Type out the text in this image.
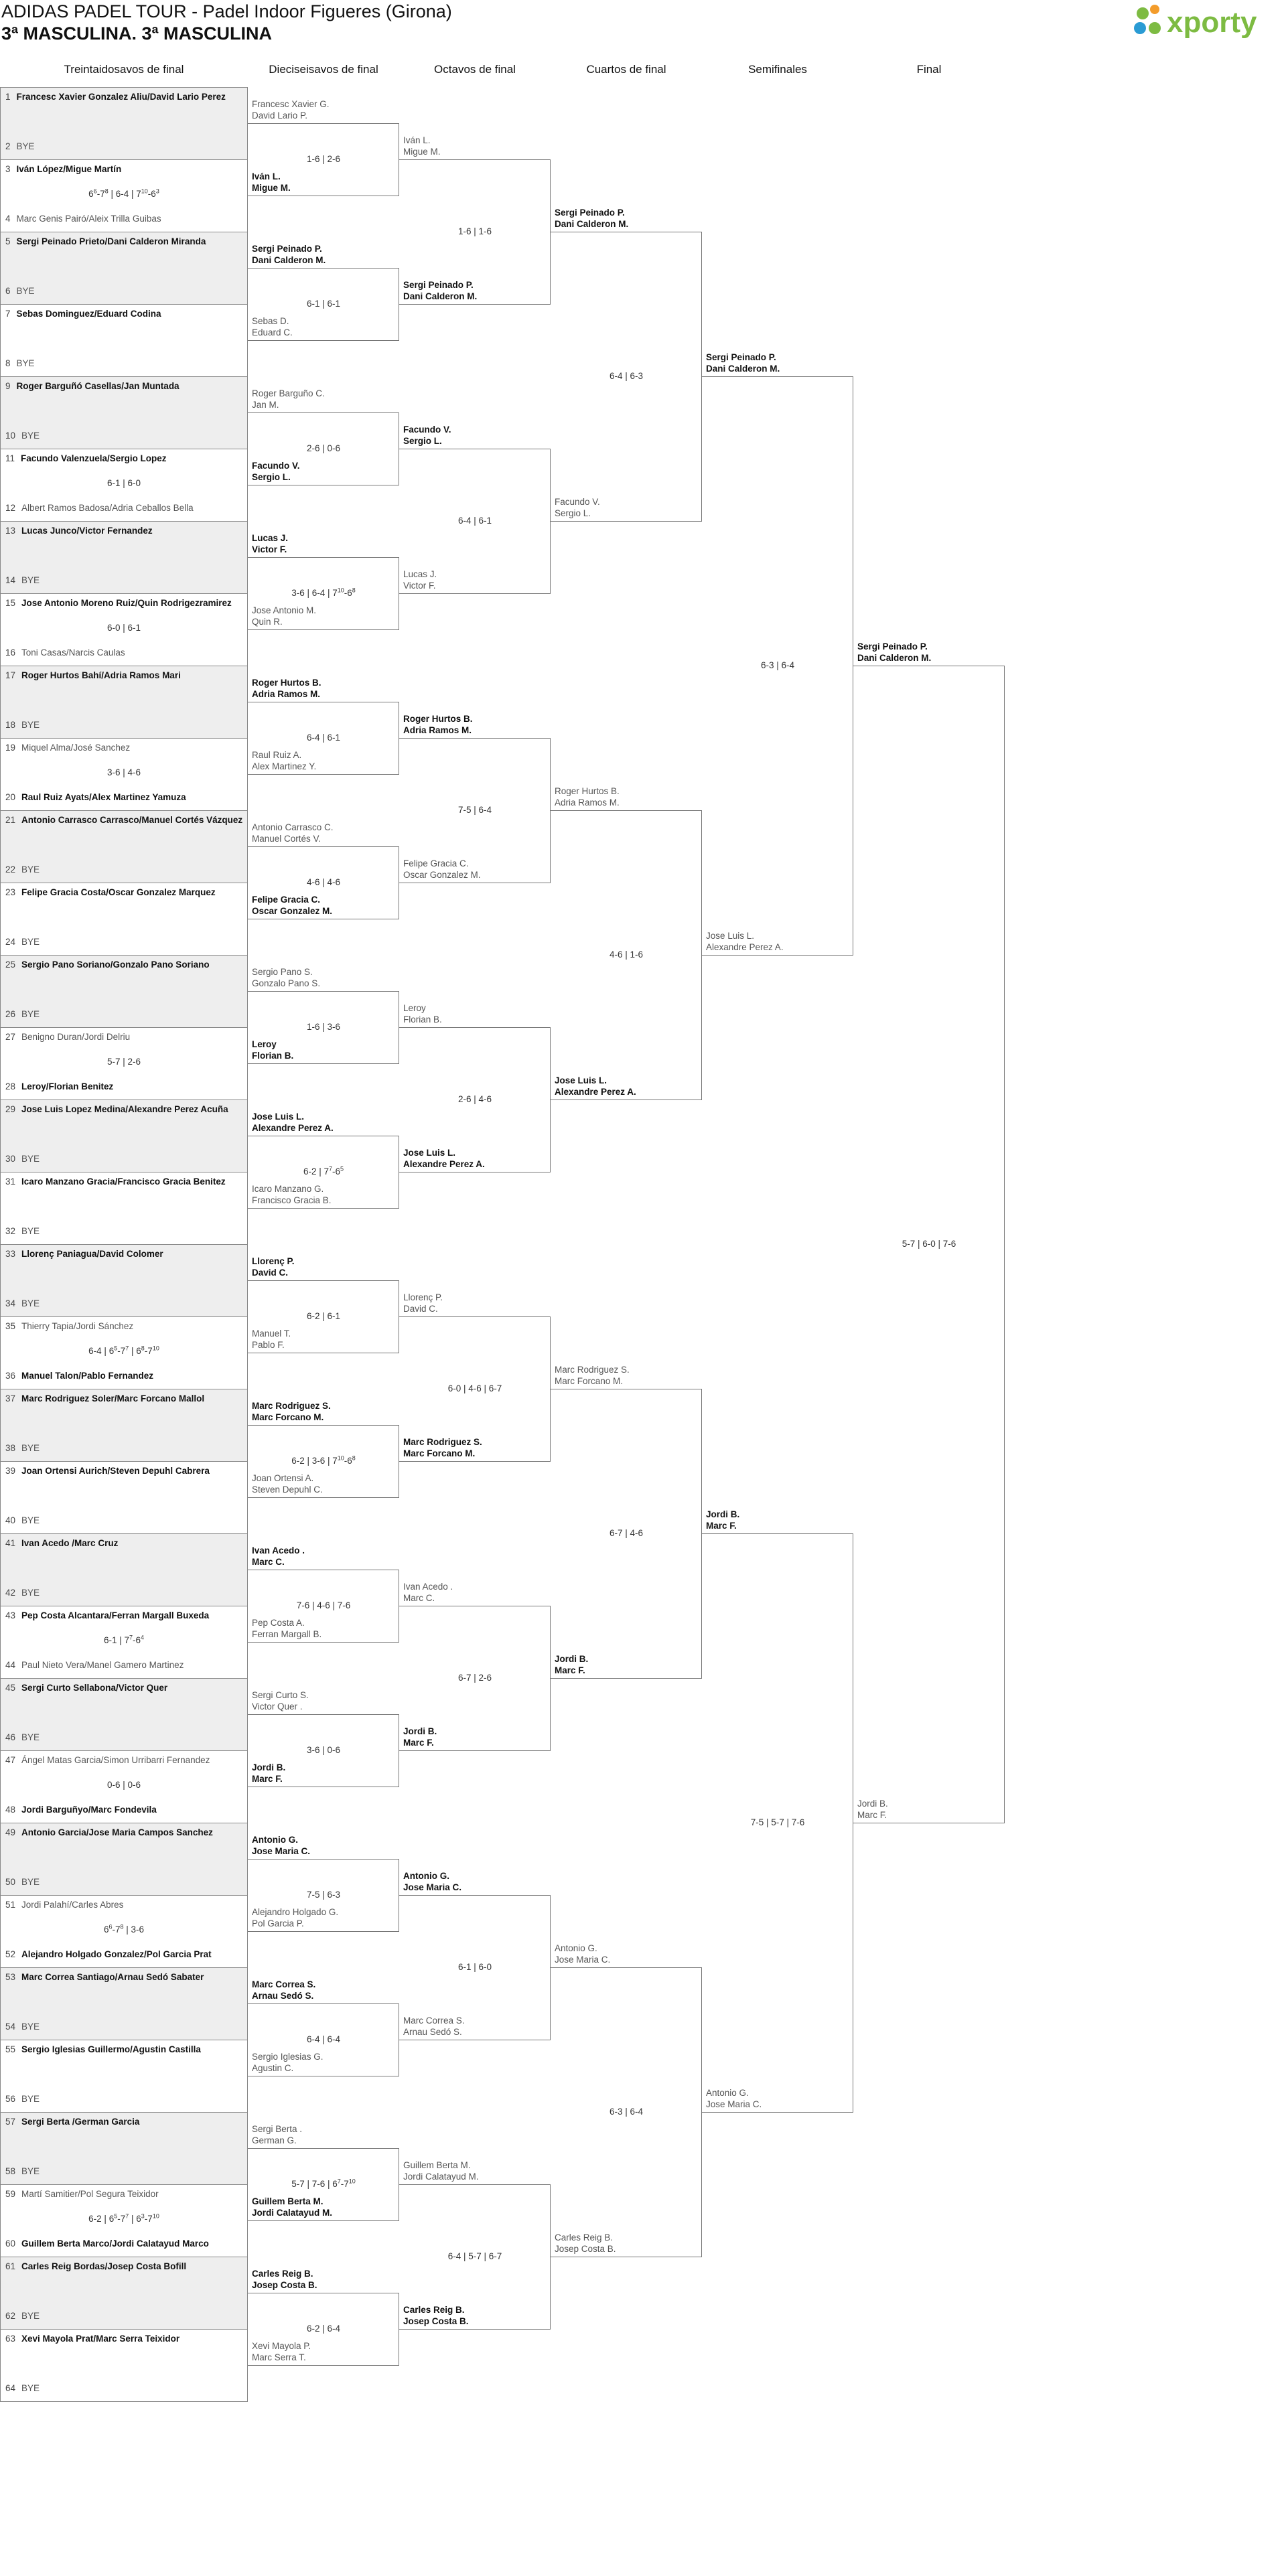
ADIDAS PADEL TOUR - Padel Indoor Figueres (Girona)
3ª MASCULINA. 3ª MASCULINA	xporty
Treintaidosavos de final	Dieciseisavos de final	Octavos de final	Cuartos de final	Semifinales	Final
1 Francesc Xavier Gonzalez Aliu/David Lario Perez
2 BYE
3 Iván López/Migue Martín
4 Marc Genis Pairó/Aleix Trilla Guibas
$6^6-7^8$ | 6-4 | $7^{10}-6^3$
5 Sergi Peinado Prieto/Dani Calderon Miranda
6 BYE
7 Sebas Dominguez/Eduard Codina
8 BYE
9 Roger Barguñó Casellas/Jan Muntada
10 BYE
11 Facundo Valenzuela/Sergio Lopez
12 Albert Ramos Badosa/Adria Ceballos Bella
6-1 | 6-0
13 Lucas Junco/Victor Fernandez
14 BYE
15 Jose Antonio Moreno Ruiz/Quin Rodrigezramirez
16 Toni Casas/Narcis Caulas
6-0 | 6-1
17 Roger Hurtos Bahí/Adria Ramos Mari
18 BYE
19 Miquel Alma/José Sanchez
20 Raul Ruiz Ayats/Alex Martinez Yamuza
3-6 | 4-6
21 Antonio Carrasco Carrasco/Manuel Cortés Vázquez
22 BYE
23 Felipe Gracia Costa/Oscar Gonzalez Marquez
24 BYE
25 Sergio Pano Soriano/Gonzalo Pano Soriano
26 BYE
27 Benigno Duran/Jordi Delriu
28 Leroy/Florian Benitez
5-7 | 2-6
29 Jose Luis Lopez Medina/Alexandre Perez Acuña
30 BYE
31 Icaro Manzano Gracia/Francisco Gracia Benitez
32 BYE
33 Llorenç Paniagua/David Colomer
34 BYE
35 Thierry Tapia/Jordi Sánchez
36 Manuel Talon/Pablo Fernandez
6-4 | $6^5-7^7$ | $6^8-7^{10}$
37 Marc Rodriguez Soler/Marc Forcano Mallol
38 BYE
39 Joan Ortensi Aurich/Steven Depuhl Cabrera
40 BYE
41 Ivan Acedo /Marc Cruz
42 BYE
43 Pep Costa Alcantara/Ferran Margall Buxeda
44 Paul Nieto Vera/Manel Gamero Martinez
6-1 | $7^7-6^4$
45 Sergi Curto Sellabona/Victor Quer
46 BYE
47 Ángel Matas Garcia/Simon Urribarri Fernandez
48 Jordi Barguñyo/Marc Fondevila
0-6 | 0-6
49 Antonio Garcia/Jose Maria Campos Sanchez
50 BYE
51 Jordi Palahí/Carles Abres
52 Alejandro Holgado Gonzalez/Pol Garcia Prat
$6^6-7^8$ | 3-6
53 Marc Correa Santiago/Arnau Sedó Sabater
54 BYE
55 Sergio Iglesias Guillermo/Agustin Castilla
56 BYE
57 Sergi Berta /German Garcia
58 BYE
59 Martí Samitier/Pol Segura Teixidor
60 Guillem Berta Marco/Jordi Calatayud Marco
6-2 | $6^5-7^7$ | $6^3-7^{10}$
61 Carles Reig Bordas/Josep Costa Bofill
62 BYE
63 Xevi Mayola Prat/Marc Serra Teixidor
64 BYE
Francesc Xavier G.
David Lario P.
Iván L.
Migue M.
1-6 | 2-6
Sergi Peinado P.
Dani Calderon M.
Sebas D.
Eduard C.
6-1 | 6-1
Roger Barguño C.
Jan M.
Facundo V.
Sergio L.
2-6 | 0-6
Lucas J.
Victor F.
Jose Antonio M.
Quin R.
3-6 | 6-4 | $7^{10}-6^8$
Roger Hurtos B.
Adria Ramos M.
Raul Ruiz A.
Alex Martinez Y.
6-4 | 6-1
Antonio Carrasco C.
Manuel Cortés V.
Felipe Gracia C.
Oscar Gonzalez M.
4-6 | 4-6
Sergio Pano S.
Gonzalo Pano S.
Leroy
Florian B.
1-6 | 3-6
Jose Luis L.
Alexandre Perez A.
Icaro Manzano G.
Francisco Gracia B.
6-2 | $7^7-6^5$
Llorenç P.
David C.
Manuel T.
Pablo F.
6-2 | 6-1
Marc Rodriguez S.
Marc Forcano M.
Joan Ortensi A.
Steven Depuhl C.
6-2 | 3-6 | $7^{10}-6^8$
Ivan Acedo .
Marc C.
Pep Costa A.
Ferran Margall B.
7-6 | 4-6 | 7-6
Sergi Curto S.
Victor Quer .
Jordi B.
Marc F.
3-6 | 0-6
Antonio G.
Jose Maria C.
Alejandro Holgado G.
Pol Garcia P.
7-5 | 6-3
Marc Correa S.
Arnau Sedó S.
Sergio Iglesias G.
Agustin C.
6-4 | 6-4
Sergi Berta .
German G.
Guillem Berta M.
Jordi Calatayud M.
5-7 | 7-6 | $6^7-7^{10}$
Carles Reig B.
Josep Costa B.
Xevi Mayola P.
Marc Serra T.
6-2 | 6-4
Iván L.
Migue M.
Sergi Peinado P.
Dani Calderon M.
1-6 | 1-6
Facundo V.
Sergio L.
Lucas J.
Victor F.
6-4 | 6-1
Roger Hurtos B.
Adria Ramos M.
Felipe Gracia C.
Oscar Gonzalez M.
7-5 | 6-4
Leroy
Florian B.
Jose Luis L.
Alexandre Perez A.
2-6 | 4-6
Llorenç P.
David C.
Marc Rodriguez S.
Marc Forcano M.
6-0 | 4-6 | 6-7
Ivan Acedo .
Marc C.
Jordi B.
Marc F.
6-7 | 2-6
Antonio G.
Jose Maria C.
Marc Correa S.
Arnau Sedó S.
6-1 | 6-0
Guillem Berta M.
Jordi Calatayud M.
Carles Reig B.
Josep Costa B.
6-4 | 5-7 | 6-7
Sergi Peinado P.
Dani Calderon M.
Facundo V.
Sergio L.
6-4 | 6-3
Roger Hurtos B.
Adria Ramos M.
Jose Luis L.
Alexandre Perez A.
4-6 | 1-6
Marc Rodriguez S.
Marc Forcano M.
Jordi B.
Marc F.
6-7 | 4-6
Antonio G.
Jose Maria C.
Carles Reig B.
Josep Costa B.
6-3 | 6-4
Sergi Peinado P.
Dani Calderon M.
Jose Luis L.
Alexandre Perez A.
6-3 | 6-4
Jordi B.
Marc F.
Antonio G.
Jose Maria C.
7-5 | 5-7 | 7-6
Sergi Peinado P.
Dani Calderon M.
Jordi B.
Marc F.
5-7 | 6-0 | 7-6
